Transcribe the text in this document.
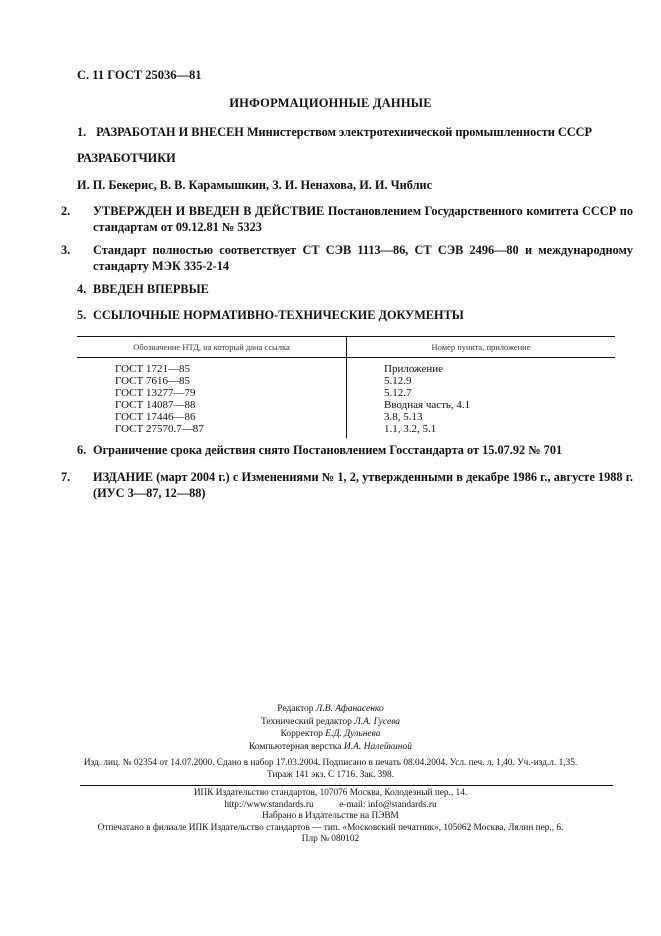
С. 11 ГОСТ 25036—81
ИНФОРМАЦИОННЫЕ ДАННЫЕ
1. РАЗРАБОТАН И ВНЕСЕН Министерством электротехнической промышленности СССР
РАЗРАБОТЧИКИ
И. П. Бекерис, В. В. Карамышкин, З. И. Ненахова, И. И. Чиблис
2. УТВЕРЖДЕН И ВВЕДЕН В ДЕЙСТВИЕ Постановлением Государственного комитета СССР по стандартам от 09.12.81 № 5323
3. Стандарт полностью соответствует СТ СЭВ 1113—86, СТ СЭВ 2496—80 и международному стандарту МЭК 335-2-14
4. ВВЕДЕН ВПЕРВЫЕ
5. ССЫЛОЧНЫЕ НОРМАТИВНО-ТЕХНИЧЕСКИЕ ДОКУМЕНТЫ
Обозначение НТД, на который дана ссылка	Номер пункта, приложение
ГОСТ 1721—85	Приложение
ГОСТ 7616—85	5.12.9
ГОСТ 13277—79	5.12.7
ГОСТ 14087—88	Вводная часть, 4.1
ГОСТ 17446—86	3.8, 5.13
ГОСТ 27570.7—87	1.1, 3.2, 5.1
6. Ограничение срока действия снято Постановлением Госстандарта от 15.07.92 № 701
7. ИЗДАНИЕ (март 2004 г.) с Изменениями № 1, 2, утвержденными в декабре 1986 г., августе 1988 г. (ИУС 3—87, 12—88)
Редактор Л.В. Афанасенко
Технический редактор Л.А. Гусева
Корректор Е.Д. Дульнева
Компьютерная верстка И.А. Налейкиной
Изд. лиц. № 02354 от 14.07.2000. Сдано в набор 17.03.2004. Подписано в печать 08.04.2004. Усл. печ. л. 1,40. Уч.-изд.л. 1,35.
Тираж 141 экз. С 1716. Зак. 398.
ИПК Издательство стандартов, 107076 Москва, Колодезный пер., 14.
http://www.standards.ru	e-mail: info@standards.ru
Набрано в Издательстве на ПЭВМ
Отпечатано в филиале ИПК Издательство стандартов — тип. «Московский печатник», 105062 Москва, Лялин пер., 6.
Плр № 080102
